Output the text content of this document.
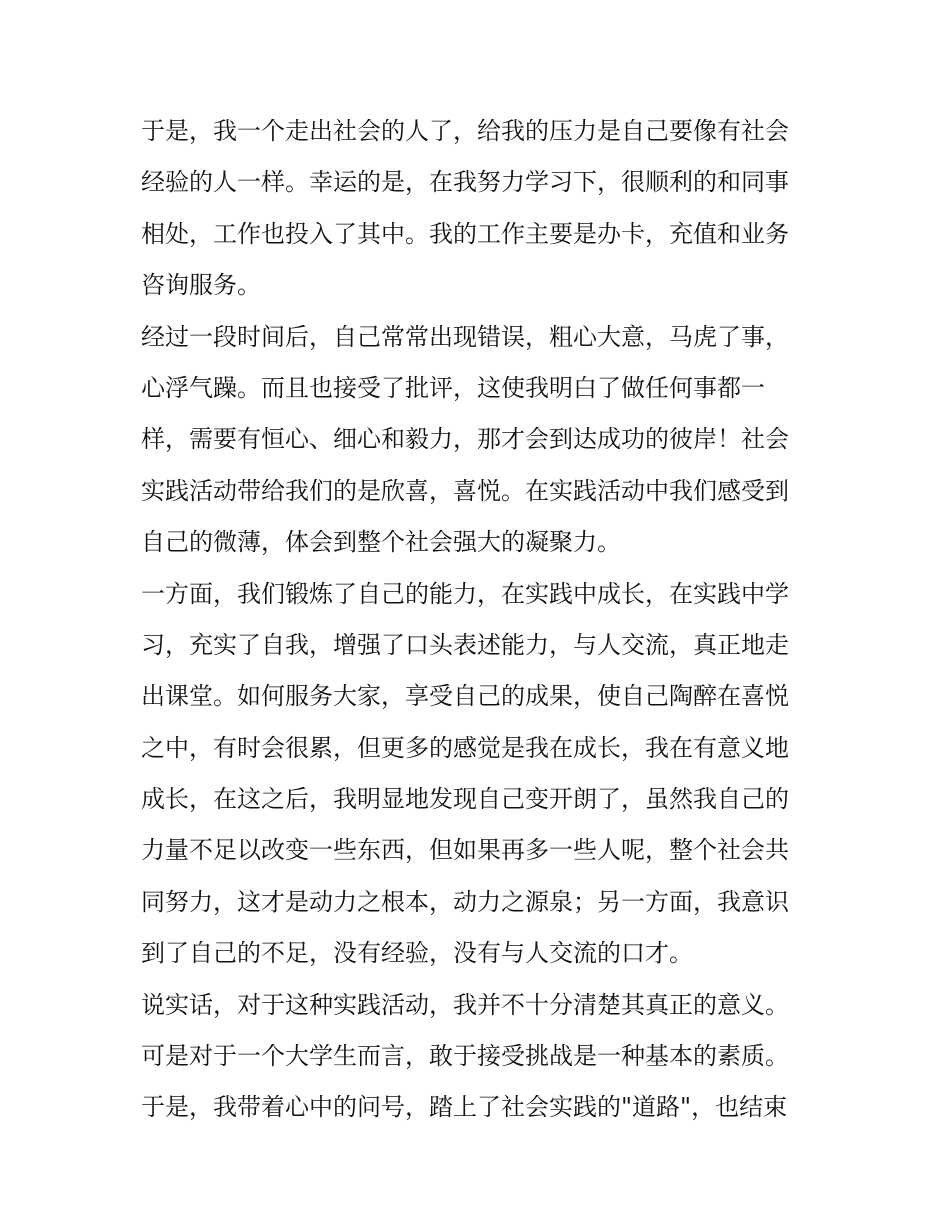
于是，我一个走出社会的人了，给我的压力是自己要像有社会
经验的人一样。幸运的是，在我努力学习下，很顺利的和同事
相处，工作也投入了其中。我的工作主要是办卡，充值和业务
咨询服务。
经过一段时间后，自己常常出现错误，粗心大意，马虎了事，
心浮气躁。而且也接受了批评，这使我明白了做任何事都一
样，需要有恒心、细心和毅力，那才会到达成功的彼岸！社会
实践活动带给我们的是欣喜，喜悦。在实践活动中我们感受到
自己的微薄，体会到整个社会强大的凝聚力。
一方面，我们锻炼了自己的能力，在实践中成长，在实践中学
习，充实了自我，增强了口头表述能力，与人交流，真正地走
出课堂。如何服务大家，享受自己的成果，使自己陶醉在喜悦
之中，有时会很累，但更多的感觉是我在成长，我在有意义地
成长，在这之后，我明显地发现自己变开朗了，虽然我自己的
力量不足以改变一些东西，但如果再多一些人呢，整个社会共
同努力，这才是动力之根本，动力之源泉；另一方面，我意识
到了自己的不足，没有经验，没有与人交流的口才。
说实话，对于这种实践活动，我并不十分清楚其真正的意义。
可是对于一个大学生而言，敢于接受挑战是一种基本的素质。
于是，我带着心中的问号，踏上了社会实践的"道路"，也结束
